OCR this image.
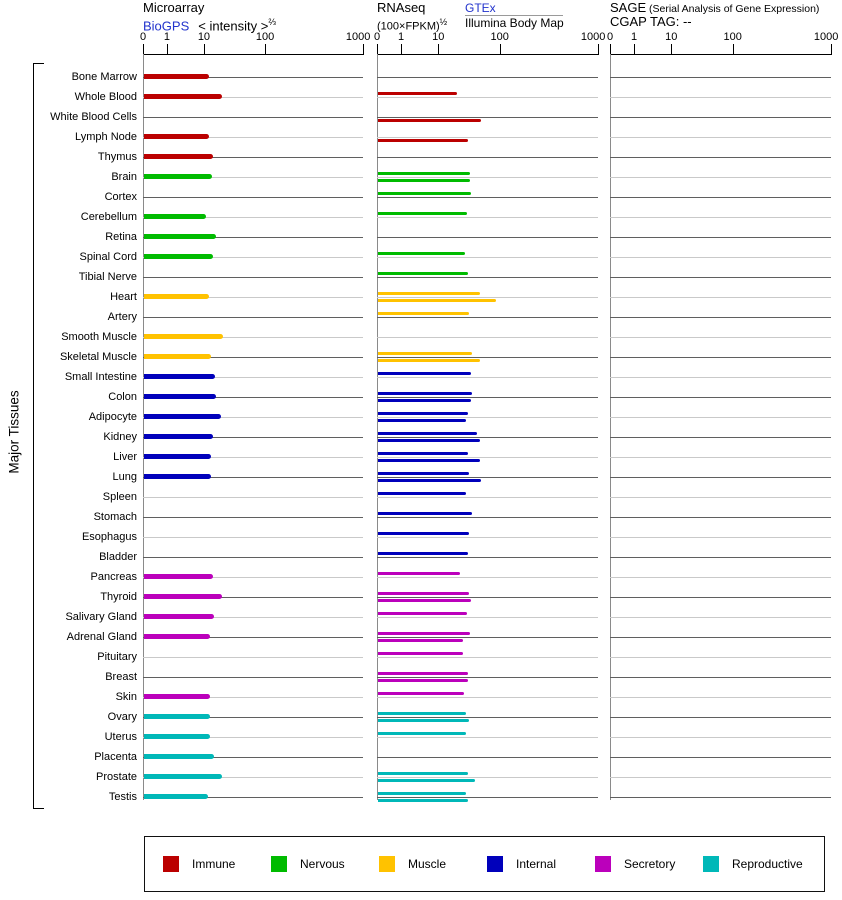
Microarray
BioGPS < intensity >$^{\frac{2}{3}}$
RNAseq
(100×FPKM)$^{\frac{1}{2}}$
GTEx
Illumina Body Map
SAGE (Serial Analysis of Gene Expression)
CGAP TAG: --
Major Tissues
0 1	10	100	1000 0 1	10	100	1000 0 1	10	100	1000
Bone Marrow
Whole Blood
White Blood Cells
Lymph Node
Thymus
Brain
Cortex
Cerebellum
Retina
Spinal Cord
Tibial Nerve
Heart
Artery
Smooth Muscle
Skeletal Muscle
Small Intestine
Colon
Adipocyte
Kidney
Liver
Lung
Spleen
Stomach
Esophagus
Bladder
Pancreas
Thyroid
Salivary Gland
Adrenal Gland
Pituitary
Breast
Skin
Ovary
Uterus
Placenta
Prostate
Testis
Immune	Nervous	Muscle	Internal	Secretory	Reproductive
